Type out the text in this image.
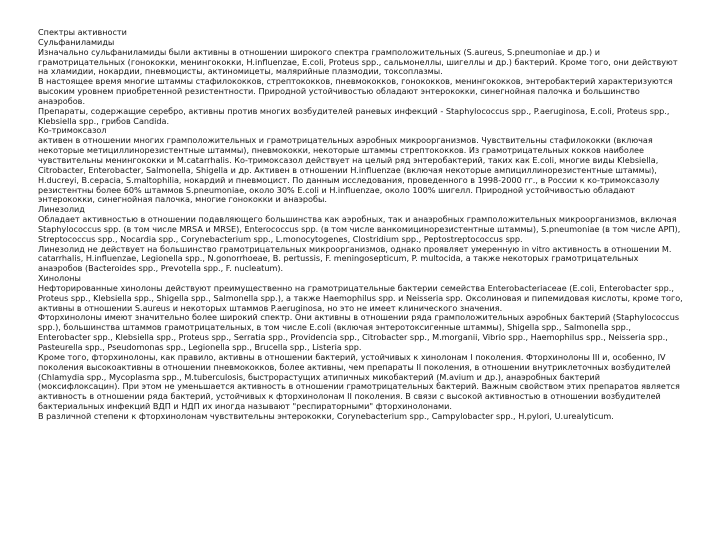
Спектры активности

Сульфаниламиды

Изначально сульфаниламиды были активны в отношении широкого спектра грамположительных (S.aureus, S.pneumoniae и др.) и грамотрицательных (гонококки, менингококки, H.influenzae, E.coli, Proteus spp., сальмонеллы, шигеллы и др.) бактерий. Кроме того, они действуют на хламидии, нокардии, пневмоцисты, актиномицеты, малярийные плазмодии, токсоплазмы.

В настоящее время многие штаммы стафилококков, стрептококков, пневмококков, гонококков, менингококков, энтеробактерий характеризуются высоким уровнем приобретенной резистентности. Природной устойчивостью обладают энтерококки, синегнойная палочка и большинство анаэробов.

Препараты, содержащие серебро, активны против многих возбудителей раневых инфекций - Staphylococcus spp., P.aeruginosa, E.coli, Proteus spp., Klebsiella spp., грибов Candida.

Ко-тримоксазол

активен в отношении многих грамположительных и грамотрицательных аэробных микроорганизмов. Чувствительны стафилококки (включая некоторые метициллинорезистентные штаммы), пневмококки, некоторые штаммы стрептококков. Из грамотрицательных кокков наиболее чувствительны менингококки и M.catarrhalis. Ко-тримоксазол действует на целый ряд энтеробактерий, таких как E.coli, многие виды Klebsiella, Citrobacter, Enterobacter, Salmonella, Shigella и др. Активен в отношении H.influenzae (включая некоторые ампициллинорезистентные штаммы), H.ducreyi, B.cepacia, S.maltophilia, нокардий и пневмоцист. По данным исследования, проведенного в 1998-2000 гг., в России к ко-тримоксазолу резистентны более 60% штаммов S.pneumoniae, около 30% E.coli и H.influenzae, около 100% шигелл. Природной устойчивостью обладают энтерококки, синегнойная палочка, многие гонококки и анаэробы.

Линезолид

Обладает активностью в отношении подавляющего большинства как аэробных, так и анаэробных грамположительных микроорганизмов, включая Staphylococcus spp. (в том числе MRSA и MRSE), Enterococcus spp. (в том числе ванкомицинорезистентные штаммы), S.pneumoniae (в том числе АРП), Streptococcus spp., Nocardia spp., Corynebacterium spp., L.monocytogenes, Clostridium spp., Peptostreptococcus spp.

Линезолид не действует на большинство грамотрицательных микроорганизмов, однако проявляет умеренную in vitro активность в отношении M. catarrhalis, H.influenzae, Legionella spp., N.gonorrhoeae, B. pertussis, F. meningosepticum, P. multocida, а также некоторых грамотрицательных анаэробов (Bacteroides spp., Prevotella spp., F. nucleatum).

Хинолоны

Нефторированные хинолоны действуют преимущественно на грамотрицательные бактерии семейства Enterobacteriaceae (E.coli, Enterobacter spp., Proteus spp., Klebsiella spp., Shigella spp., Salmonella spp.), а также Haemophilus spp. и Neisseria spp. Оксолиновая и пипемидовая кислоты, кроме того, активны в отношении S.aureus и некоторых штаммов P.aeruginosa, но это не имеет клинического значения.

Фторхинолоны имеют значительно более широкий спектр. Они активны в отношении ряда грамположительных аэробных бактерий (Staphylococcus spp.), большинства штаммов грамотрицательных, в том числе E.coli (включая энтеротоксигенные штаммы), Shigella spp., Salmonella spp., Enterobacter spp., Klebsiella spp., Proteus spp., Serratia spp., Providencia spp., Citrobacter spp., M.morganii, Vibrio spp., Haemophilus spp., Neisseria spp., Pasteurella spp., Pseudomonas spp., Legionella spp., Brucella spp., Listeria spp.

Кроме того, фторхинолоны, как правило, активны в отношении бактерий, устойчивых к хинолонам I поколения. Фторхинолоны III и, особенно, IV поколения высокоактивны в отношении пневмококков, более активны, чем препараты II поколения, в отношении внутриклеточных возбудителей (Chlamydia spp., Mycoplasma spp., M.tuberculosis, быстрорастущих атипичных микобактерий (M.avium и др.), анаэробных бактерий (моксифлоксацин). При этом не уменьшается активность в отношении грамотрицательных бактерий. Важным свойством этих препаратов является активность в отношении ряда бактерий, устойчивых к фторхинолонам II поколения. В связи с высокой активностью в отношении возбудителей бактериальных инфекций ВДП и НДП их иногда называют "респираторными" фторхинолонами.

В различной степени к фторхинолонам чувствительны энтерококки, Corynebacterium spp., Campylobacter spp., H.pylori, U.urealyticum.
